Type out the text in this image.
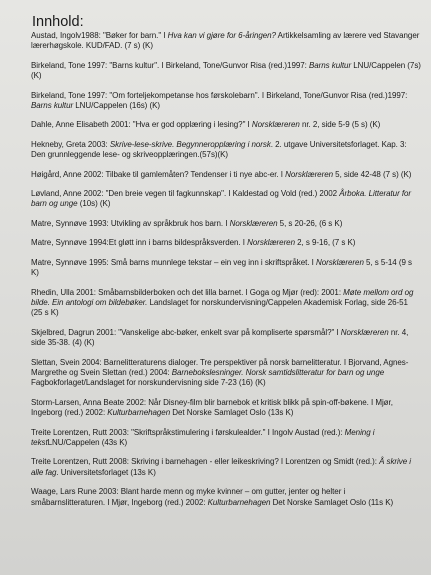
Innhold:

Austad, Ingolv1988: "Bøker for barn." I Hva kan vi gjøre for 6-åringen? Artikkelsamling av lærere ved Stavanger lærerhøgskole. KUD/FAD. (7 s) (K)

Birkeland, Tone 1997: "Barns kultur". I Birkeland, Tone/Gunvor Risa (red.)1997: Barns kultur LNU/Cappelen (7s) (K)

Birkeland, Tone 1997: "Om forteljekompetanse hos førskolebarn". I Birkeland, Tone/Gunvor Risa (red.)1997: Barns kultur LNU/Cappelen (16s) (K)

Dahle, Anne Elisabeth 2001: "Hva er god opplæring i lesing?" I Norsklæreren nr. 2, side 5-9 (5 s) (K)

Hekneby, Greta 2003: Skrive-lese-skrive. Begynneropplæring i norsk. 2. utgave Universitetsforlaget. Kap. 3: Den grunnleggende lese- og skriveopplæringen.(57s)(K)

Høigård, Anne 2002: Tilbake til gamlemåten? Tendenser i ti nye abc-er. I Norsklæreren 5, side 42-48 (7 s) (K)

Løvland, Anne 2002: "Den breie vegen til fagkunnskap". I Kaldestad og Vold (red.) 2002 Årboka. Litteratur for barn og unge (10s) (K)

Matre, Synnøve 1993: Utvikling av språkbruk hos barn. I Norsklæreren 5, s 20-26, (6 s K)

Matre, Synnøve 1994:Et gløtt inn i barns bildespråksverden. I Norsklæreren 2, s 9-16, (7 s K)

Matre, Synnøve 1995: Små barns munnlege tekstar – ein veg inn i skriftspråket. I Norsklæreren 5, s 5-14 (9 s K)

Rhedin, Ulla 2001: Småbarnsbilderboken och det lilla barnet. I Goga og Mjør (red): 2001: Møte mellom ord og bilde. Ein antologi om bildebøker. Landslaget for norskundervisning/Cappelen Akademisk Forlag, side 26-51 (25 s K)

Skjelbred, Dagrun 2001: "Vanskelige abc-bøker, enkelt svar på kompliserte spørsmål?" I Norsklæreren nr. 4, side 35-38. (4) (K)

Slettan, Svein 2004: Barnelitteraturens dialoger. Tre perspektiver på norsk barnelitteratur. I Bjorvand, Agnes-Margrethe og Svein Slettan (red.) 2004: Barnebokslesninger. Norsk samtidslitteratur for barn og unge Fagbokforlaget/Landslaget for norskundervisning side 7-23 (16) (K)

Storm-Larsen, Anna Beate 2002: Når Disney-film blir barnebok et kritisk blikk på spin-off-bøkene. I Mjør, Ingeborg (red.) 2002: Kulturbarnehagen Det Norske Samlaget Oslo (13s K)

Treite Lorentzen, Rutt 2003: "Skriftspråkstimulering i førskulealder." I Ingolv Austad (red.): Mening i tekstLNU/Cappelen (43s K)

Treite Lorentzen, Rutt 2008: Skriving i barnehagen - eller leikeskriving? I Lorentzen og Smidt (red.): Å skrive i alle fag. Universitetsforlaget (13s K)

Waage, Lars Rune 2003: Blant harde menn og myke kvinner – om gutter, jenter og helter i småbarnslitteraturen. I Mjør, Ingeborg (red.) 2002: Kulturbarnehagen Det Norske Samlaget Oslo (11s K)
